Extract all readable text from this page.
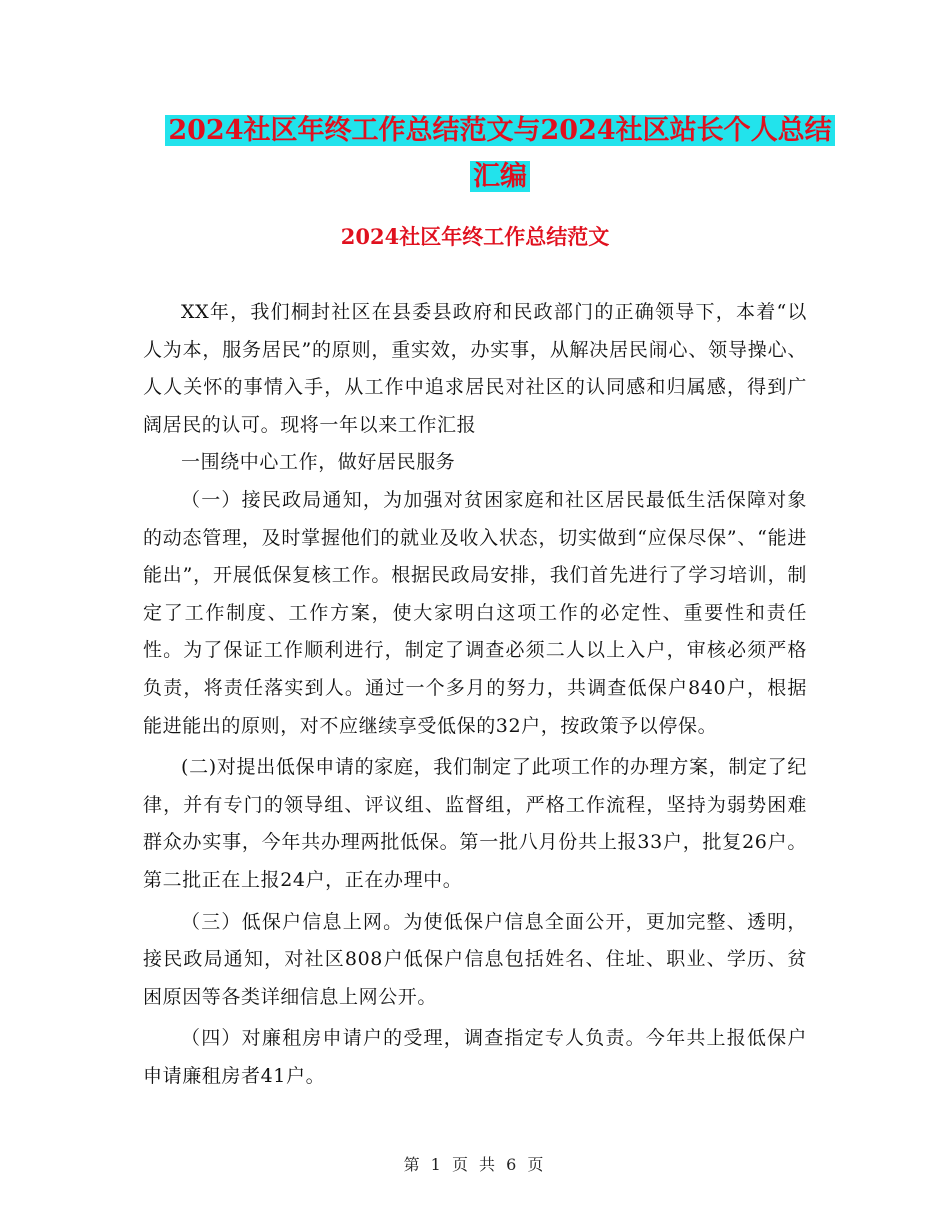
2024社区年终工作总结范文与2024社区站长个人总结
汇编
2024社区年终工作总结范文

XX年，我们桐封社区在县委县政府和民政部门的正确领导下，本着“以人为本，服务居民”的原则，重实效，办实事，从解决居民闹心、领导操心、人人关怀的事情入手，从工作中追求居民对社区的认同感和归属感，得到广阔居民的认可。现将一年以来工作汇报

一围绕中心工作，做好居民服务

（一）接民政局通知，为加强对贫困家庭和社区居民最低生活保障对象的动态管理，及时掌握他们的就业及收入状态，切实做到“应保尽保”、“能进能出”，开展低保复核工作。根据民政局安排，我们首先进行了学习培训，制定了工作制度、工作方案，使大家明白这项工作的必定性、重要性和责任性。为了保证工作顺利进行，制定了调查必须二人以上入户，审核必须严格负责，将责任落实到人。通过一个多月的努力，共调查低保户840户，根据能进能出的原则，对不应继续享受低保的32户，按政策予以停保。

(二)对提出低保申请的家庭，我们制定了此项工作的办理方案，制定了纪律，并有专门的领导组、评议组、监督组，严格工作流程，坚持为弱势困难群众办实事，今年共办理两批低保。第一批八月份共上报33户，批复26户。第二批正在上报24户，正在办理中。

（三）低保户信息上网。为使低保户信息全面公开，更加完整、透明，接民政局通知，对社区808户低保户信息包括姓名、住址、职业、学历、贫困原因等各类详细信息上网公开。

（四）对廉租房申请户的受理，调查指定专人负责。今年共上报低保户申请廉租房者41户。

第 1 页 共 6 页
